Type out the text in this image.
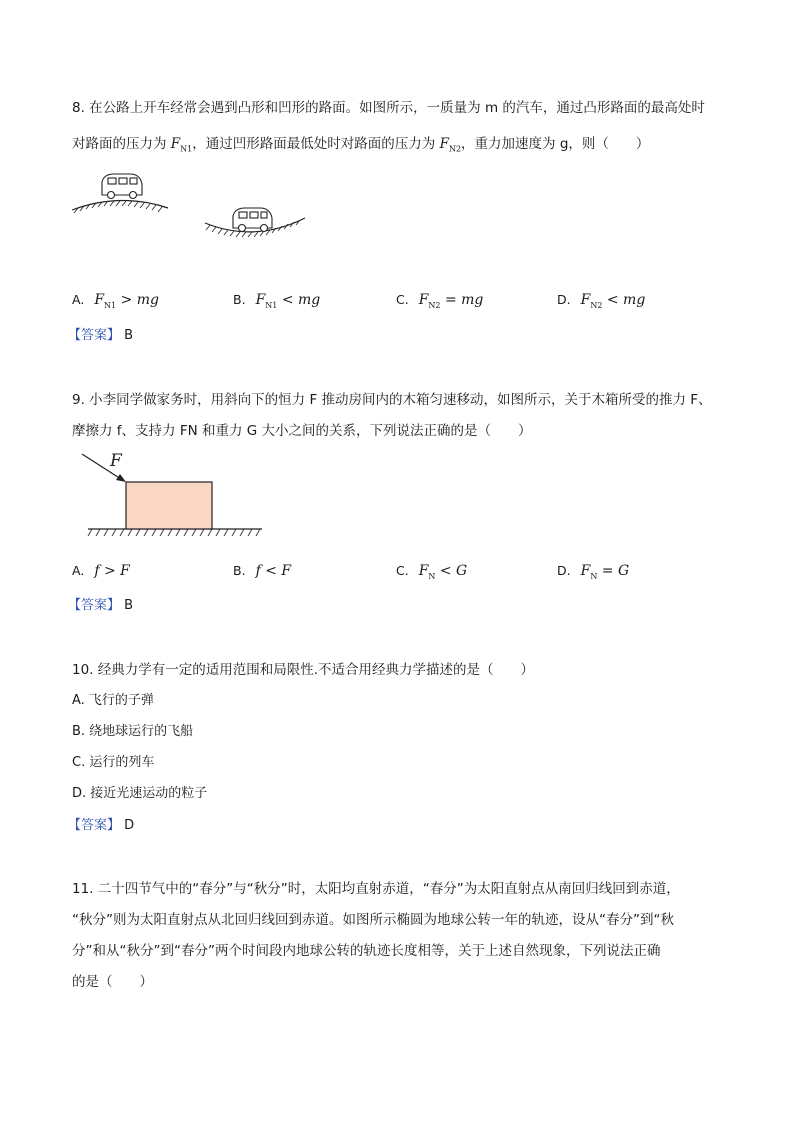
8. 在公路上开车经常会遇到凸形和凹形的路面。如图所示，一质量为 m 的汽车，通过凸形路面的最高处时
对路面的压力为 $F_{N1}$，通过凹形路面最低处时对路面的压力为 $F_{N2}$，重力加速度为 g，则（　　）
A. $F_{N1}$ > mg	B. $F_{N1}$ < mg	C. $F_{N2}$ = mg	D. $F_{N2}$ < mg
【答案】 B
9. 小李同学做家务时，用斜向下的恒力 F 推动房间内的木箱匀速移动，如图所示，关于木箱所受的推力 F、
摩擦力 f、支持力 FN 和重力 G 大小之间的关系，下列说法正确的是（　　）
F
A. f > F	B. f < F	C. $F_N < G$	D. $F_N = G$
【答案】 B
10. 经典力学有一定的适用范围和局限性.不适合用经典力学描述的是（　　）
A. 飞行的子弹
B. 绕地球运行的飞船
C. 运行的列车
D. 接近光速运动的粒子
【答案】 D
11. 二十四节气中的“春分”与“秋分”时，太阳均直射赤道，“春分”为太阳直射点从南回归线回到赤道，
“秋分”则为太阳直射点从北回归线回到赤道。如图所示椭圆为地球公转一年的轨迹，设从“春分”到“秋
分”和从“秋分”到“春分”两个时间段内地球公转的轨迹长度相等，关于上述自然现象，下列说法正确
的是（　　）
